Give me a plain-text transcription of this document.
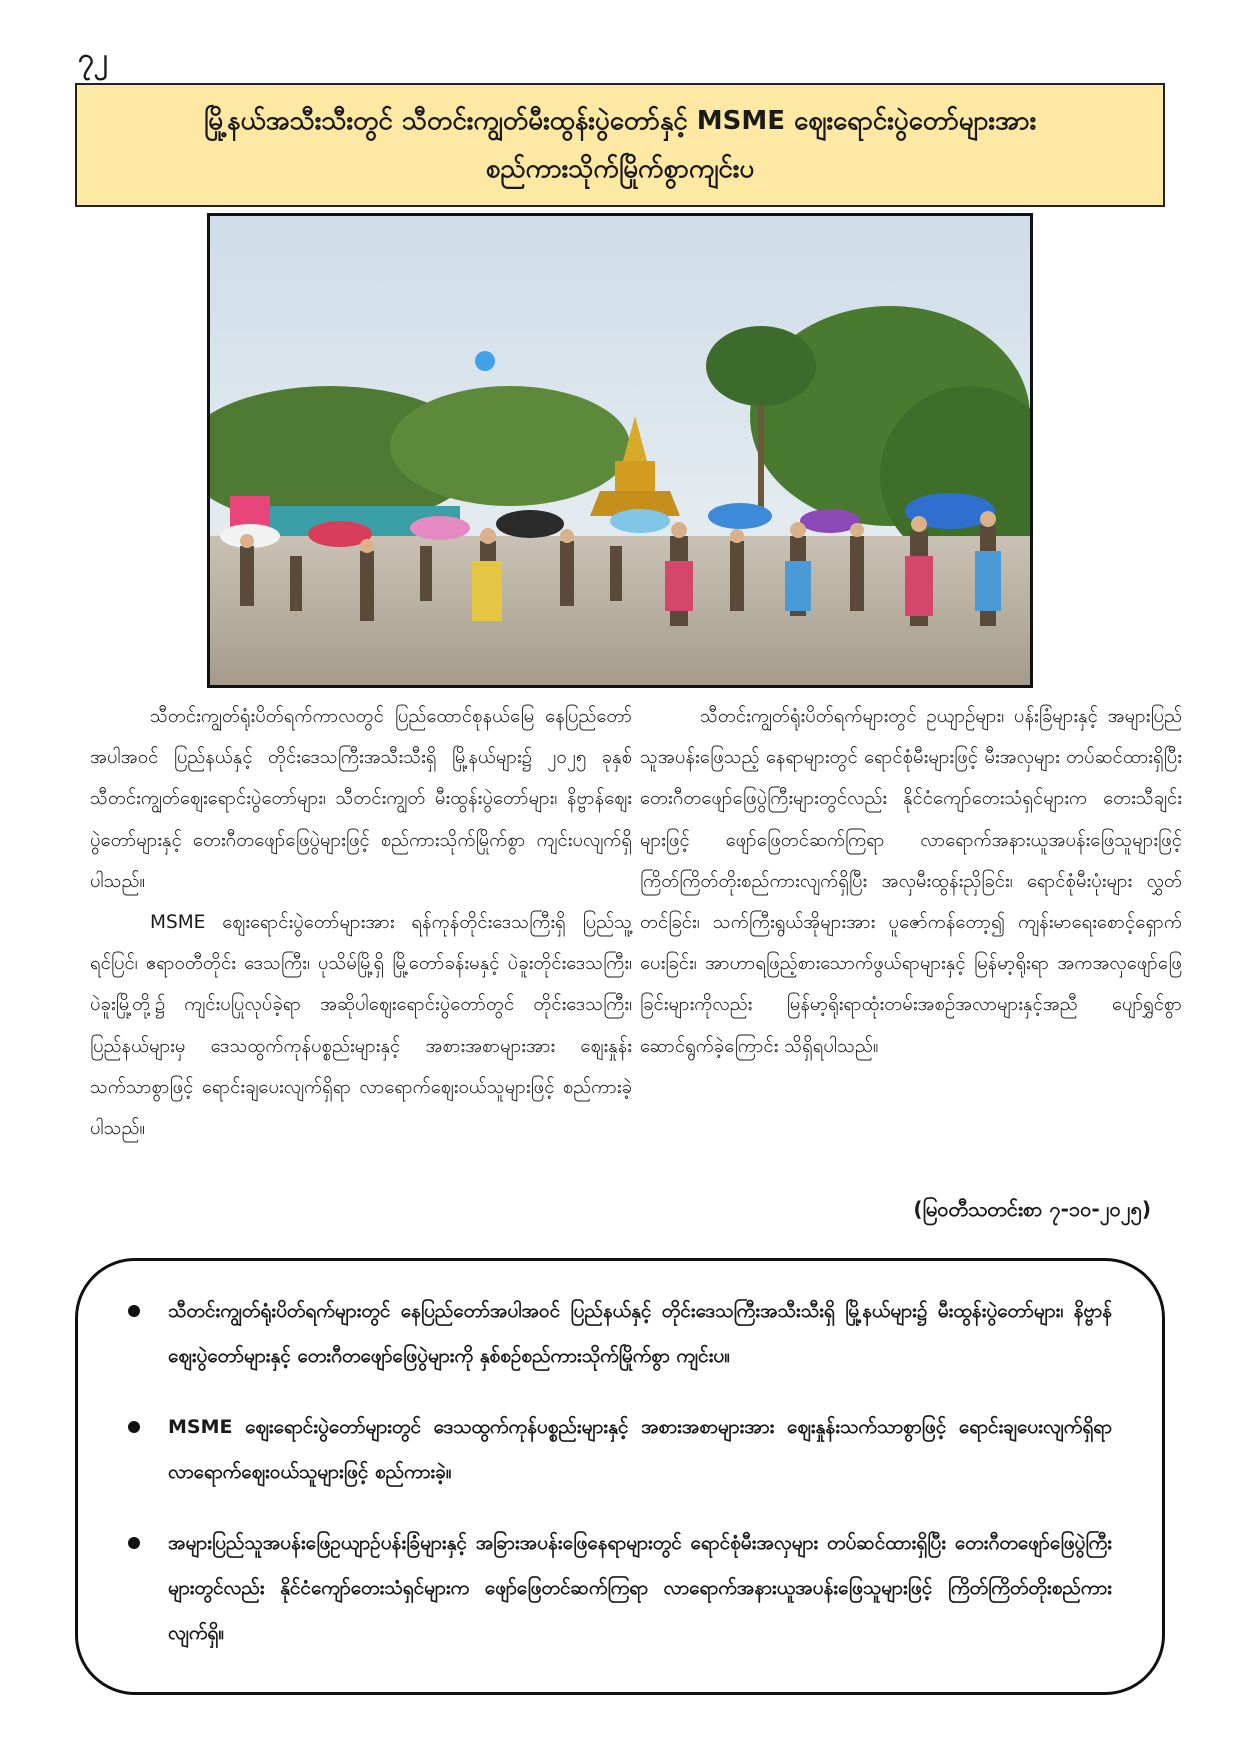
၇၂
မြို့နယ်အသီးသီးတွင် သီတင်းကျွတ်မီးထွန်းပွဲတော်နှင့် MSME ဈေးရောင်းပွဲတော်များအား
စည်ကားသိုက်မြိုက်စွာကျင်းပ

သီတင်းကျွတ်ရုံးပိတ်ရက်ကာလတွင် ပြည်ထောင်စုနယ်မြေ နေပြည်တော်အပါအဝင် ပြည်နယ်နှင့် တိုင်းဒေသကြီးအသီးသီးရှိ မြို့နယ်များ၌ ၂၀၂၅ ခုနှစ် သီတင်းကျွတ်ဈေးရောင်းပွဲတော်များ၊ သီတင်းကျွတ် မီးထွန်းပွဲတော်များ၊ နိဗ္ဗာန်ဈေးပွဲတော်များနှင့် တေးဂီတဖျော်ဖြေပွဲများဖြင့် စည်ကားသိုက်မြိုက်စွာ ကျင်းပလျက်ရှိပါသည်။

MSME ဈေးရောင်းပွဲတော်များအား ရန်ကုန်တိုင်းဒေသကြီးရှိ ပြည်သူ့ရင်ပြင်၊ ဧရာဝတီတိုင်း ဒေသကြီး၊ ပုသိမ်မြို့ရှိ မြို့တော်ခန်းမနှင့် ပဲခူးတိုင်းဒေသကြီး၊ ပဲခူးမြို့တို့၌ ကျင်းပပြုလုပ်ခဲ့ရာ အဆိုပါဈေးရောင်းပွဲတော်တွင် တိုင်းဒေသကြီး၊ ပြည်နယ်များမှ ဒေသထွက်ကုန်ပစ္စည်းများနှင့် အစားအစာများအား ဈေးနှုန်းသက်သာစွာဖြင့် ရောင်းချပေးလျက်ရှိရာ လာရောက်ဈေးဝယ်သူများဖြင့် စည်ကားခဲ့ပါသည်။

သီတင်းကျွတ်ရုံးပိတ်ရက်များတွင် ဥယျာဉ်များ၊ ပန်းခြံများနှင့် အများပြည်သူအပန်းဖြေသည့် နေရာများတွင် ရောင်စုံမီးများဖြင့် မီးအလှများ တပ်ဆင်ထားရှိပြီး တေးဂီတဖျော်ဖြေပွဲကြီးများတွင်လည်း နိုင်ငံကျော်တေးသံရှင်များက တေးသီချင်းများဖြင့် ဖျော်ဖြေတင်ဆက်ကြရာ လာရောက်အနားယူအပန်းဖြေသူများဖြင့် ကြိတ်ကြိတ်တိုးစည်ကားလျက်ရှိပြီး အလှမီးထွန်းညှိခြင်း၊ ရောင်စုံမီးပုံးများ လွှတ်တင်ခြင်း၊ သက်ကြီးရွယ်အိုများအား ပူဇော်ကန်တော့၍ ကျန်းမာရေးစောင့်ရှောက်ပေးခြင်း၊ အာဟာရဖြည့်စားသောက်ဖွယ်ရာများနှင့် မြန်မာ့ရိုးရာ အကအလှဖျော်ဖြေခြင်းများကိုလည်း မြန်မာ့ရိုးရာထုံးတမ်းအစဉ်အလာများနှင့်အညီ ပျော်ရွှင်စွာ ဆောင်ရွက်ခဲ့ကြောင်း သိရှိရပါသည်။

(မြဝတီသတင်းစာ ၇-၁၀-၂၀၂၅)
သီတင်းကျွတ်ရုံးပိတ်ရက်များတွင် နေပြည်တော်အပါအဝင် ပြည်နယ်နှင့် တိုင်းဒေသကြီးအသီးသီးရှိ မြို့နယ်များ၌ မီးထွန်းပွဲတော်များ၊ နိဗ္ဗာန်ဈေးပွဲတော်များနှင့် တေးဂီတဖျော်ဖြေပွဲများကို နှစ်စဉ်စည်ကားသိုက်မြိုက်စွာ ကျင်းပ။
MSME ဈေးရောင်းပွဲတော်များတွင် ဒေသထွက်ကုန်ပစ္စည်းများနှင့် အစားအစာများအား ဈေးနှုန်းသက်သာစွာဖြင့် ရောင်းချပေးလျက်ရှိရာ လာရောက်ဈေးဝယ်သူများဖြင့် စည်ကားခဲ့။
အများပြည်သူအပန်းဖြေဥယျာဉ်ပန်းခြံများနှင့် အခြားအပန်းဖြေနေရာများတွင် ရောင်စုံမီးအလှများ တပ်ဆင်ထားရှိပြီး တေးဂီတဖျော်ဖြေပွဲကြီးများတွင်လည်း နိုင်ငံကျော်တေးသံရှင်များက ဖျော်ဖြေတင်ဆက်ကြရာ လာရောက်အနားယူအပန်းဖြေသူများဖြင့် ကြိတ်ကြိတ်တိုးစည်ကားလျက်ရှိ။
